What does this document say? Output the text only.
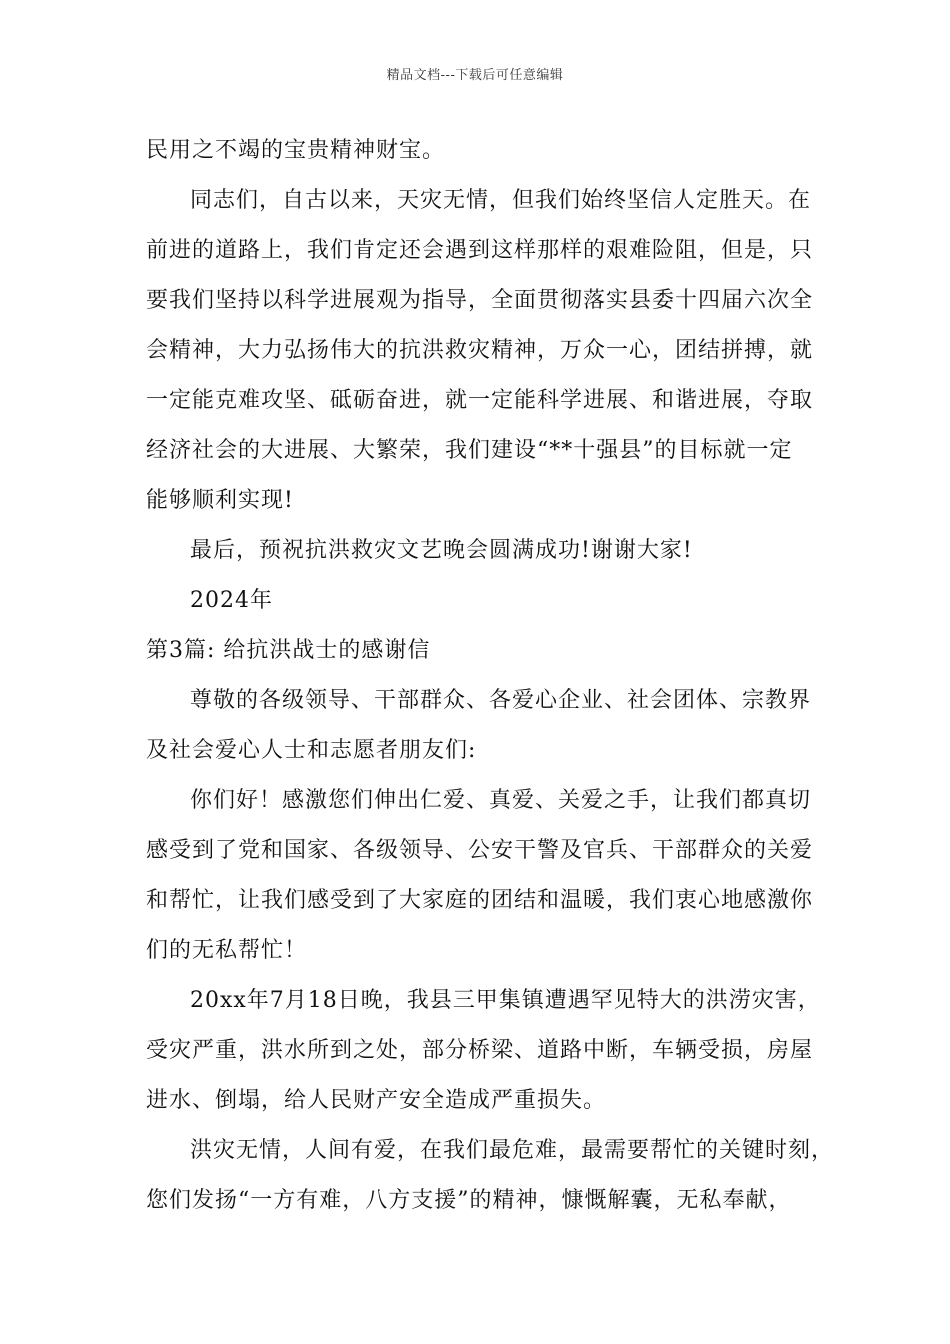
精品文档---下载后可任意编辑
民用之不竭的宝贵精神财宝。
同志们，自古以来，天灾无情，但我们始终坚信人定胜天。在
前进的道路上，我们肯定还会遇到这样那样的艰难险阻，但是，只
要我们坚持以科学进展观为指导，全面贯彻落实县委十四届六次全
会精神，大力弘扬伟大的抗洪救灾精神，万众一心，团结拼搏，就
一定能克难攻坚、砥砺奋进，就一定能科学进展、和谐进展，夺取
经济社会的大进展、大繁荣，我们建设“**十强县”的目标就一定
能够顺利实现!
最后，预祝抗洪救灾文艺晚会圆满成功!谢谢大家!
2024年
第3篇: 给抗洪战士的感谢信
尊敬的各级领导、干部群众、各爱心企业、社会团体、宗教界
及社会爱心人士和志愿者朋友们:
你们好！感激您们伸出仁爱、真爱、关爱之手，让我们都真切
感受到了党和国家、各级领导、公安干警及官兵、干部群众的关爱
和帮忙，让我们感受到了大家庭的团结和温暖，我们衷心地感激你
们的无私帮忙！
20xx年7月18日晚，我县三甲集镇遭遇罕见特大的洪涝灾害，
受灾严重，洪水所到之处，部分桥梁、道路中断，车辆受损，房屋
进水、倒塌，给人民财产安全造成严重损失。
洪灾无情，人间有爱，在我们最危难，最需要帮忙的关键时刻，
您们发扬“一方有难，八方支援”的精神，慷慨解囊，无私奉献，
